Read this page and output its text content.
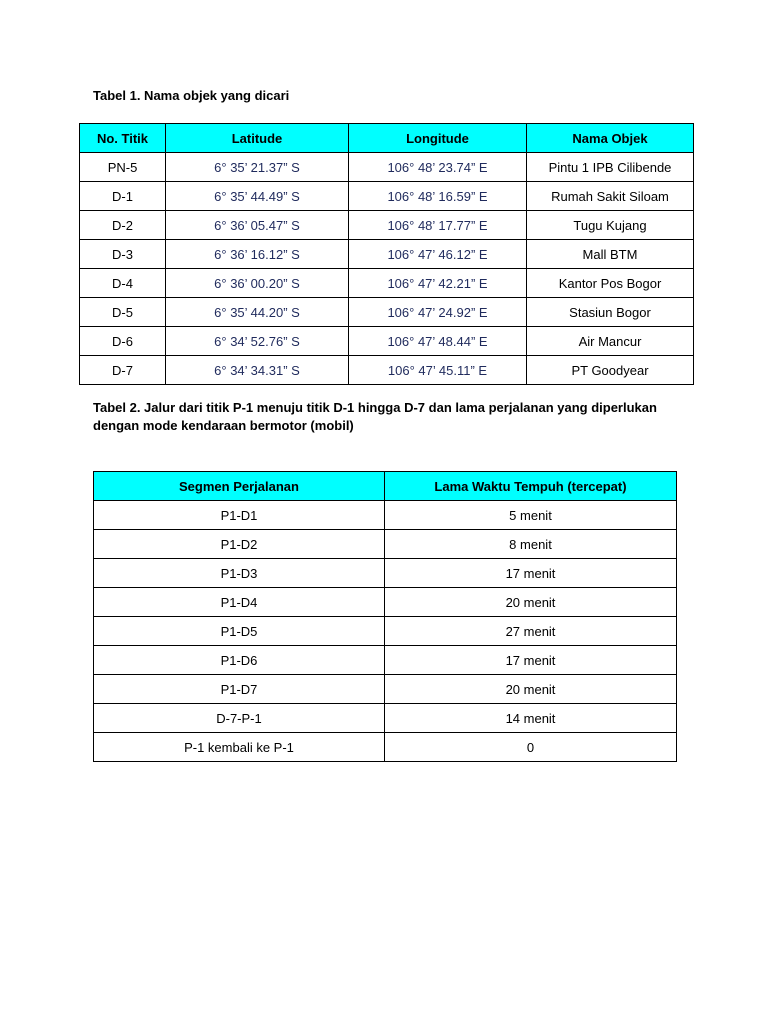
Tabel 1. Nama objek yang dicari
No. Titik	Latitude	Longitude	Nama Objek
PN-5	6° 35’ 21.37” S	106° 48’ 23.74” E	Pintu 1 IPB Cilibende
D-1	6° 35’ 44.49” S	106° 48’ 16.59” E	Rumah Sakit Siloam
D-2	6° 36’ 05.47” S	106° 48’ 17.77” E	Tugu Kujang
D-3	6° 36’ 16.12” S	106° 47’ 46.12” E	Mall BTM
D-4	6° 36’ 00.20” S	106° 47’ 42.21” E	Kantor Pos Bogor
D-5	6° 35’ 44.20” S	106° 47’ 24.92” E	Stasiun Bogor
D-6	6° 34’ 52.76” S	106° 47’ 48.44” E	Air Mancur
D-7	6° 34’ 34.31” S	106° 47’ 45.11” E	PT Goodyear
Tabel 2. Jalur dari titik P-1 menuju titik D-1 hingga D-7 dan lama perjalanan yang diperlukan dengan mode kendaraan bermotor (mobil)
Segmen Perjalanan	Lama Waktu Tempuh (tercepat)
P1-D1	5 menit
P1-D2	8 menit
P1-D3	17 menit
P1-D4	20 menit
P1-D5	27 menit
P1-D6	17 menit
P1-D7	20 menit
D-7-P-1	14 menit
P-1 kembali ke P-1	0
